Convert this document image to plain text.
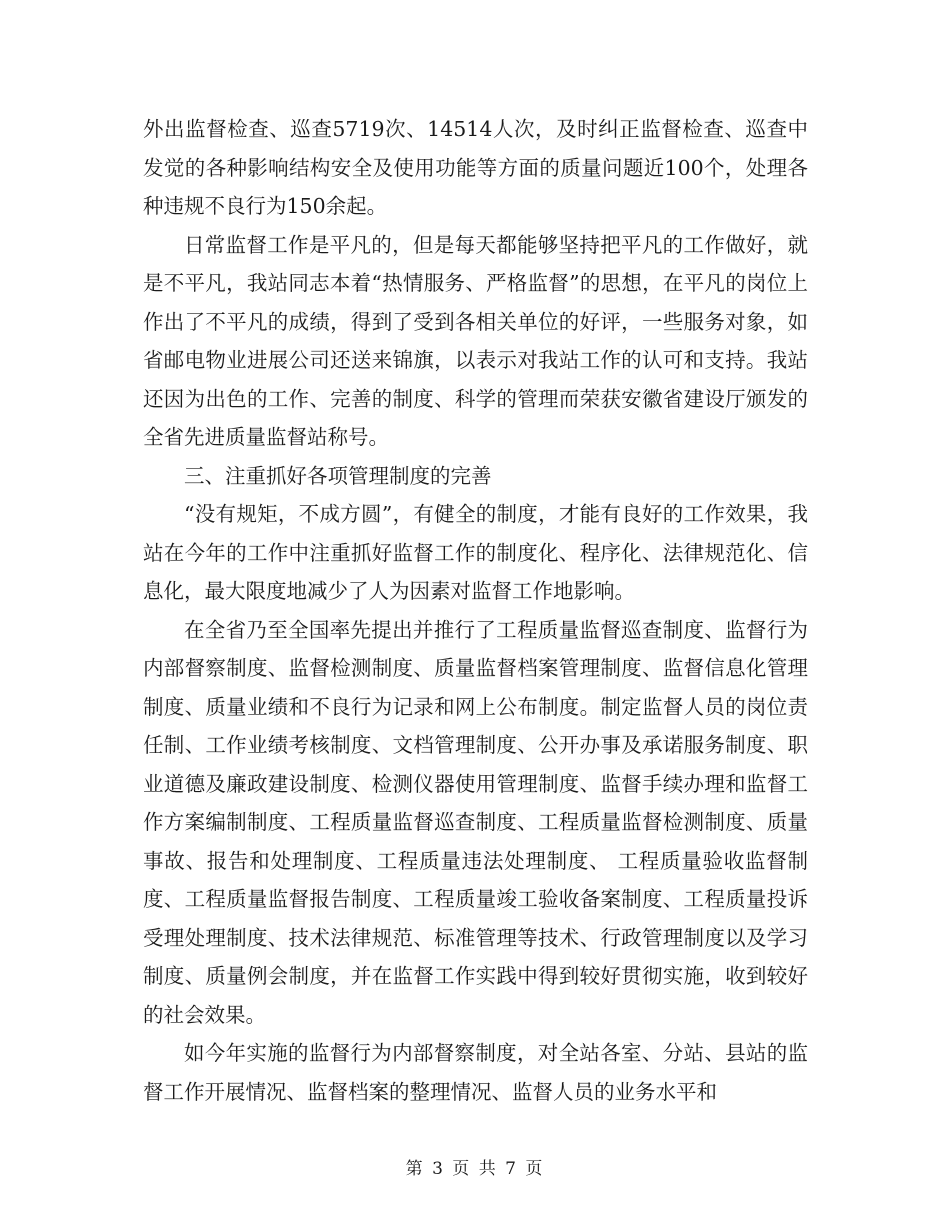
外出监督检查、巡查5719次、14514人次，及时纠正监督检查、巡查中发觉的各种影响结构安全及使用功能等方面的质量问题近100个，处理各种违规不良行为150余起。

日常监督工作是平凡的，但是每天都能够坚持把平凡的工作做好，就是不平凡，我站同志本着“热情服务、严格监督”的思想，在平凡的岗位上作出了不平凡的成绩，得到了受到各相关单位的好评，一些服务对象，如省邮电物业进展公司还送来锦旗，以表示对我站工作的认可和支持。我站还因为出色的工作、完善的制度、科学的管理而荣获安徽省建设厅颁发的全省先进质量监督站称号。

三、注重抓好各项管理制度的完善

“没有规矩，不成方圆”，有健全的制度，才能有良好的工作效果，我站在今年的工作中注重抓好监督工作的制度化、程序化、法律规范化、信息化，最大限度地减少了人为因素对监督工作地影响。

在全省乃至全国率先提出并推行了工程质量监督巡查制度、监督行为内部督察制度、监督检测制度、质量监督档案管理制度、监督信息化管理制度、质量业绩和不良行为记录和网上公布制度。制定监督人员的岗位责任制、工作业绩考核制度、文档管理制度、公开办事及承诺服务制度、职业道德及廉政建设制度、检测仪器使用管理制度、监督手续办理和监督工作方案编制制度、工程质量监督巡查制度、工程质量监督检测制度、质量事故、报告和处理制度、工程质量违法处理制度、 工程质量验收监督制度、工程质量监督报告制度、工程质量竣工验收备案制度、工程质量投诉受理处理制度、技术法律规范、标准管理等技术、行政管理制度以及学习制度、质量例会制度，并在监督工作实践中得到较好贯彻实施，收到较好的社会效果。

如今年实施的监督行为内部督察制度，对全站各室、分站、县站的监督工作开展情况、监督档案的整理情况、监督人员的业务水平和

第 3 页 共 7 页
